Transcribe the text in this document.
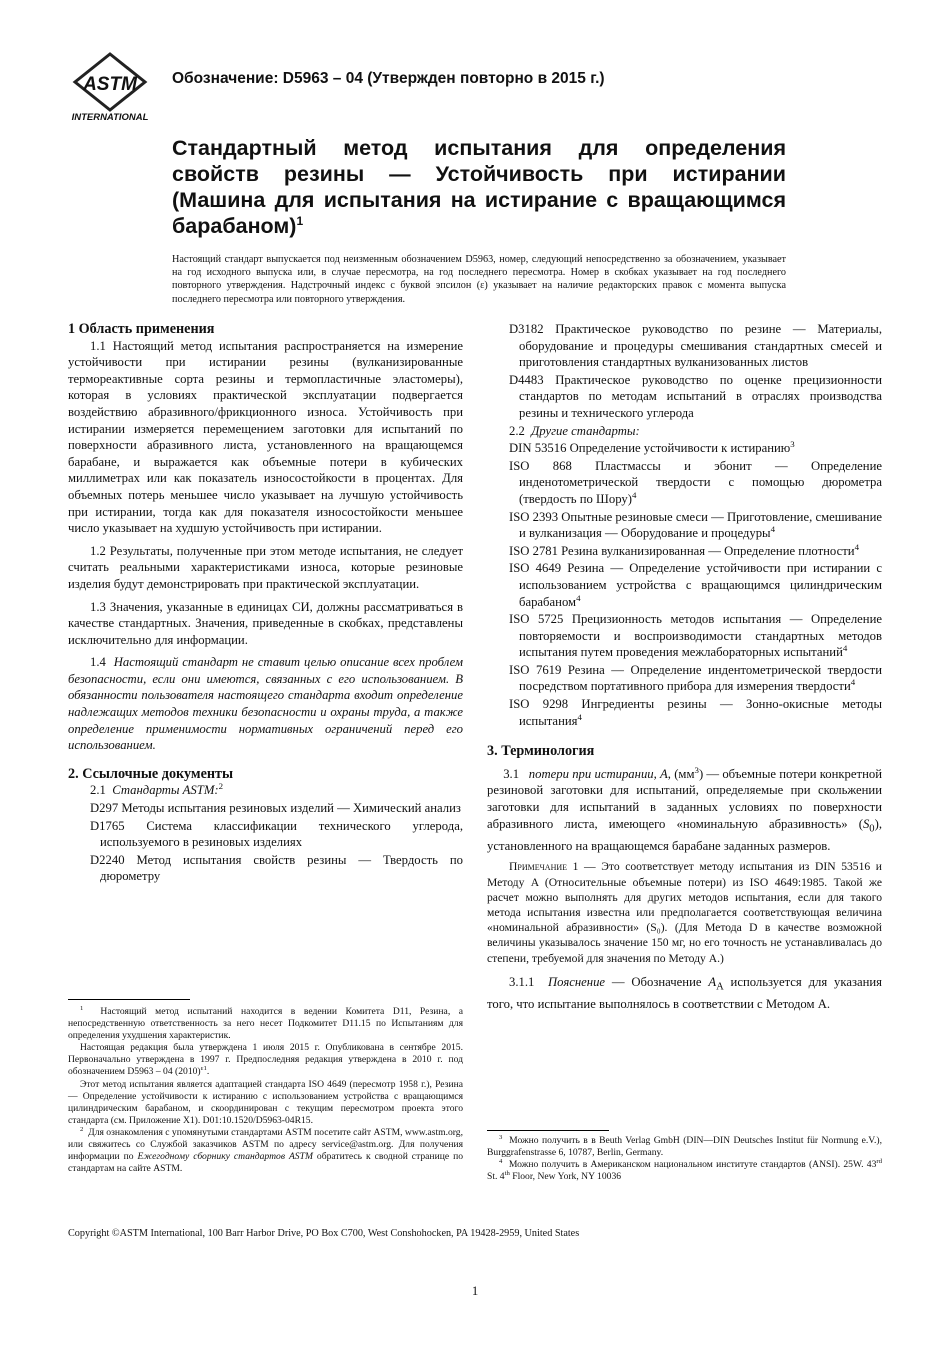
ASTM
INTERNATIONAL
Обозначение: D5963 – 04 (Утвержден повторно в 2015 г.)
Стандартный метод испытания для определения свойств резины — Устойчивость при истирании (Машина для испытания на истирание с вращающимся барабаном)$^1$
Настоящий стандарт выпускается под неизменным обозначением D5963, номер, следующий непосредственно за обозначением, указывает на год исходного выпуска или, в случае пересмотра, на год последнего пересмотра. Номер в скобках указывает на год последнего повторного утверждения. Надстрочный индекс с буквой эпсилон (ε) указывает на наличие редакторских правок с момента выпуска последнего пересмотра или повторного утверждения.

1 Область применения

1.1 Настоящий метод испытания распространяется на измерение устойчивости при истирании резины (вулканизированные термореактивные сорта резины и термопластичные эластомеры), которая в условиях практической эксплуатации подвергается воздействию абразивного/фрикционного износа. Устойчивость при истирании измеряется перемещением заготовки для испытаний по поверхности абразивного листа, установленного на вращающемся барабане, и выражается как объемные потери в кубических миллиметрах или как показатель износостойкости в процентах. Для объемных потерь меньшее число указывает на лучшую устойчивость при истирании, тогда как для показателя износостойкости меньшее число указывает на худшую устойчивость при истирании.

1.2 Результаты, полученные при этом методе испытания, не следует считать реальными характеристиками износа, которые резиновые изделия будут демонстрировать при практической эксплуатации.

1.3 Значения, указанные в единицах СИ, должны рассматриваться в качестве стандартных. Значения, приведенные в скобках, представлены исключительно для информации.

1.4 Настоящий стандарт не ставит целью описание всех проблем безопасности, если они имеются, связанных с его использованием. В обязанности пользователя настоящего стандарта входит определение надлежащих методов техники безопасности и охраны труда, а также определение применимости нормативных ограничений перед его использованием.

2. Ссылочные документы

2.1 Стандарты ASTM:$^2$

D297 Методы испытания резиновых изделий — Химический анализ

D1765 Система классификации технического углерода, используемого в резиновых изделиях

D2240 Метод испытания свойств резины — Твердость по дюрометру

D3182 Практическое руководство по резине — Материалы, оборудование и процедуры смешивания стандартных смесей и приготовления стандартных вулканизованных листов

D4483 Практическое руководство по оценке прецизионности стандартов по методам испытаний в отраслях производства резины и технического углерода

2.2 Другие стандарты:

DIN 53516 Определение устойчивости к истиранию$^3$

ISO 868 Пластмассы и эбонит — Определение инденотометрической твердости с помощью дюрометра (твердость по Шору)$^4$

ISO 2393 Опытные резиновые смеси — Приготовление, смешивание и вулканизация — Оборудование и процедуры$^4$

ISO 2781 Резина вулканизированная — Определение плотности$^4$

ISO 4649 Резина — Определение устойчивости при истирании с использованием устройства с вращающимся цилиндрическим барабаном$^4$

ISO 5725 Прецизионность методов испытания — Определение повторяемости и воспроизводимости стандартных методов испытания путем проведения межлабораторных испытаний$^4$

ISO 7619 Резина — Определение индентометрической твердости посредством портативного прибора для измерения твердости$^4$

ISO 9298 Ингредиенты резины — Зонно-окисные методы испытания$^4$

3. Терминология

3.1 потери при истирании, A, $(мм^3)$ — объемные потери конкретной резиновой заготовки для испытаний, определяемые при скольжении заготовки для испытаний в заданных условиях по поверхности абразивного листа, имеющего «номинальную абразивность» $(S_0)$, установленного на вращающемся барабане заданных размеров.

Примечание 1 — Это соответствует методу испытания из DIN 53516 и Методу A (Относительные объемные потери) из ISO 4649:1985. Такой же расчет можно выполнять для других методов испытания, если для такого метода испытания известна или предполагается соответствующая величина «номинальной абразивности» (S₀). (Для Метода D в качестве возможной величины указывалось значение 150 мг, но его точность не устанавливалась до степени, требуемой для значения по Методу A.)

3.1.1 Пояснение — Обозначение $A_A$ используется для указания того, что испытание выполнялось в соответствии с Методом A.

$^1$ Настоящий метод испытаний находится в ведении Комитета D11, Резина, а непосредственную ответственность за него несет Подкомитет D11.15 по Испытаниям для определения ухудшения характеристик.

Настоящая редакция была утверждена 1 июля 2015 г. Опубликована в сентябре 2015. Первоначально утверждена в 1997 г. Предпоследняя редакция утверждена в 2010 г. под обозначением D5963 – 04 $(2010)^{\varepsilon 1}$.

Этот метод испытания является адаптацией стандарта ISO 4649 (пересмотр 1958 г.), Резина — Определение устойчивости к истиранию с использованием устройства с вращающимся цилиндрическим барабаном, и скоординирован с текущим пересмотром проекта этого стандарта (см. Приложение X1). D01:10.1520/D5963-04R15.

$^2$ Для ознакомления с упомянутыми стандартами ASTM посетите сайт ASTM, www.astm.org, или свяжитесь со Службой заказчиков ASTM по адресу service@astm.org. Для получения информации по Ежегодному сборнику стандартов ASTM обратитесь к сводной странице по стандартам на сайте ASTM.

$^3$ Можно получить в в Beuth Verlag GmbH (DIN—DIN Deutsches Institut für Normung e.V.), Burggrafenstrasse 6, 10787, Berlin, Germany.

$^4$ Можно получить в Американском национальном институте стандартов (ANSI). 25W. 43rd St. 4th Floor, New York, NY 10036

Copyright ©ASTM International, 100 Barr Harbor Drive, PO Box C700, West Conshohocken, PA 19428-2959, United States
1
